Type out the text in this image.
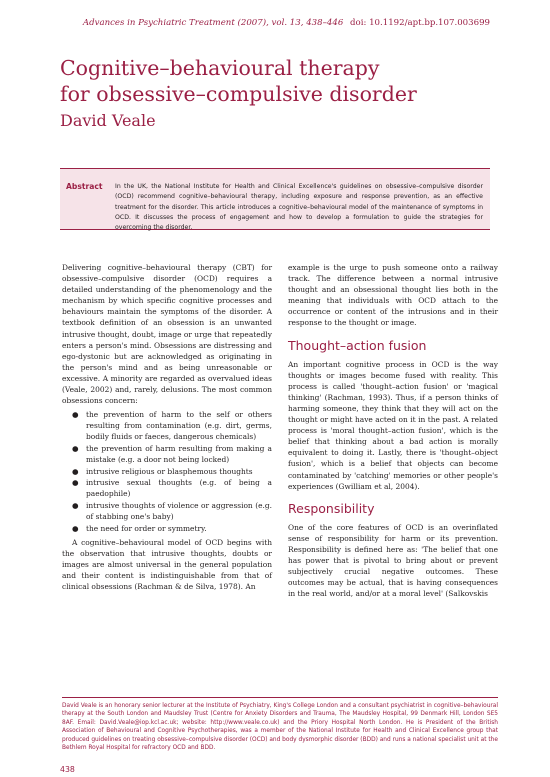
Advances in Psychiatric Treatment (2007), vol. 13, 438–446 doi: 10.1192/apt.bp.107.003699
Cognitive–behavioural therapy
for obsessive–compulsive disorder
David Veale
Abstract In the UK, the National Institute for Health and Clinical Excellence's guidelines on obsessive–compulsive disorder (OCD) recommend cognitive–behavioural therapy, including exposure and response prevention, as an effective treatment for the disorder. This article introduces a cognitive–behavioural model of the maintenance of symptoms in OCD. It discusses the process of engagement and how to develop a formulation to guide the strategies for overcoming the disorder.

Delivering cognitive–behavioural therapy (CBT) for obsessive–compulsive disorder (OCD) requires a detailed understanding of the phenomenology and the mechanism by which specific cognitive processes and behaviours maintain the symptoms of the disorder. A textbook definition of an obsession is an unwanted intrusive thought, doubt, image or urge that repeatedly enters a person's mind. Obsessions are distressing and ego-dystonic but are acknowledged as originating in the person's mind and as being unreasonable or excessive. A minority are regarded as overvalued ideas (Veale, 2002) and, rarely, delusions. The most common obsessions concern:

● the prevention of harm to the self or others resulting from contamination (e.g. dirt, germs, bodily fluids or faeces, dangerous chemicals)
● the prevention of harm resulting from making a mistake (e.g. a door not being locked)
● intrusive religious or blasphemous thoughts
● intrusive sexual thoughts (e.g. of being a paedophile)
● intrusive thoughts of violence or aggression (e.g. of stabbing one's baby)
● the need for order or symmetry.

A cognitive–behavioural model of OCD begins with the observation that intrusive thoughts, doubts or images are almost universal in the general population and their content is indistinguishable from that of clinical obsessions (Rachman & de Silva, 1978). An

example is the urge to push someone onto a railway track. The difference between a normal intrusive thought and an obsessional thought lies both in the meaning that individuals with OCD attach to the occurrence or content of the intrusions and in their response to the thought or image.

Thought–action fusion

An important cognitive process in OCD is the way thoughts or images become fused with reality. This process is called 'thought–action fusion' or 'magical thinking' (Rachman, 1993). Thus, if a person thinks of harming someone, they think that they will act on the thought or might have acted on it in the past. A related process is 'moral thought–action fusion', which is the belief that thinking about a bad action is morally equivalent to doing it. Lastly, there is 'thought–object fusion', which is a belief that objects can become contaminated by 'catching' memories or other people's experiences (Gwilliam et al, 2004).

Responsibility

One of the core features of OCD is an overinflated sense of responsibility for harm or its prevention. Responsibility is defined here as: 'The belief that one has power that is pivotal to bring about or prevent subjectively crucial negative outcomes. These outcomes may be actual, that is having consequences in the real world, and/or at a moral level' (Salkovskis

David Veale is an honorary senior lecturer at the Institute of Psychiatry, King's College London and a consultant psychiatrist in cognitive–behavioural therapy at the South London and Maudsley Trust (Centre for Anxiety Disorders and Trauma, The Maudsley Hospital, 99 Denmark Hill, London SE5 8AF. Email: David.Veale@iop.kcl.ac.uk; website: http://www.veale.co.uk) and the Priory Hospital North London. He is President of the British Association of Behavioural and Cognitive Psychotherapies, was a member of the National Institute for Health and Clinical Excellence group that produced guidelines on treating obsessive–compulsive disorder (OCD) and body dysmorphic disorder (BDD) and runs a national specialist unit at the Bethlem Royal Hospital for refractory OCD and BDD.
438
